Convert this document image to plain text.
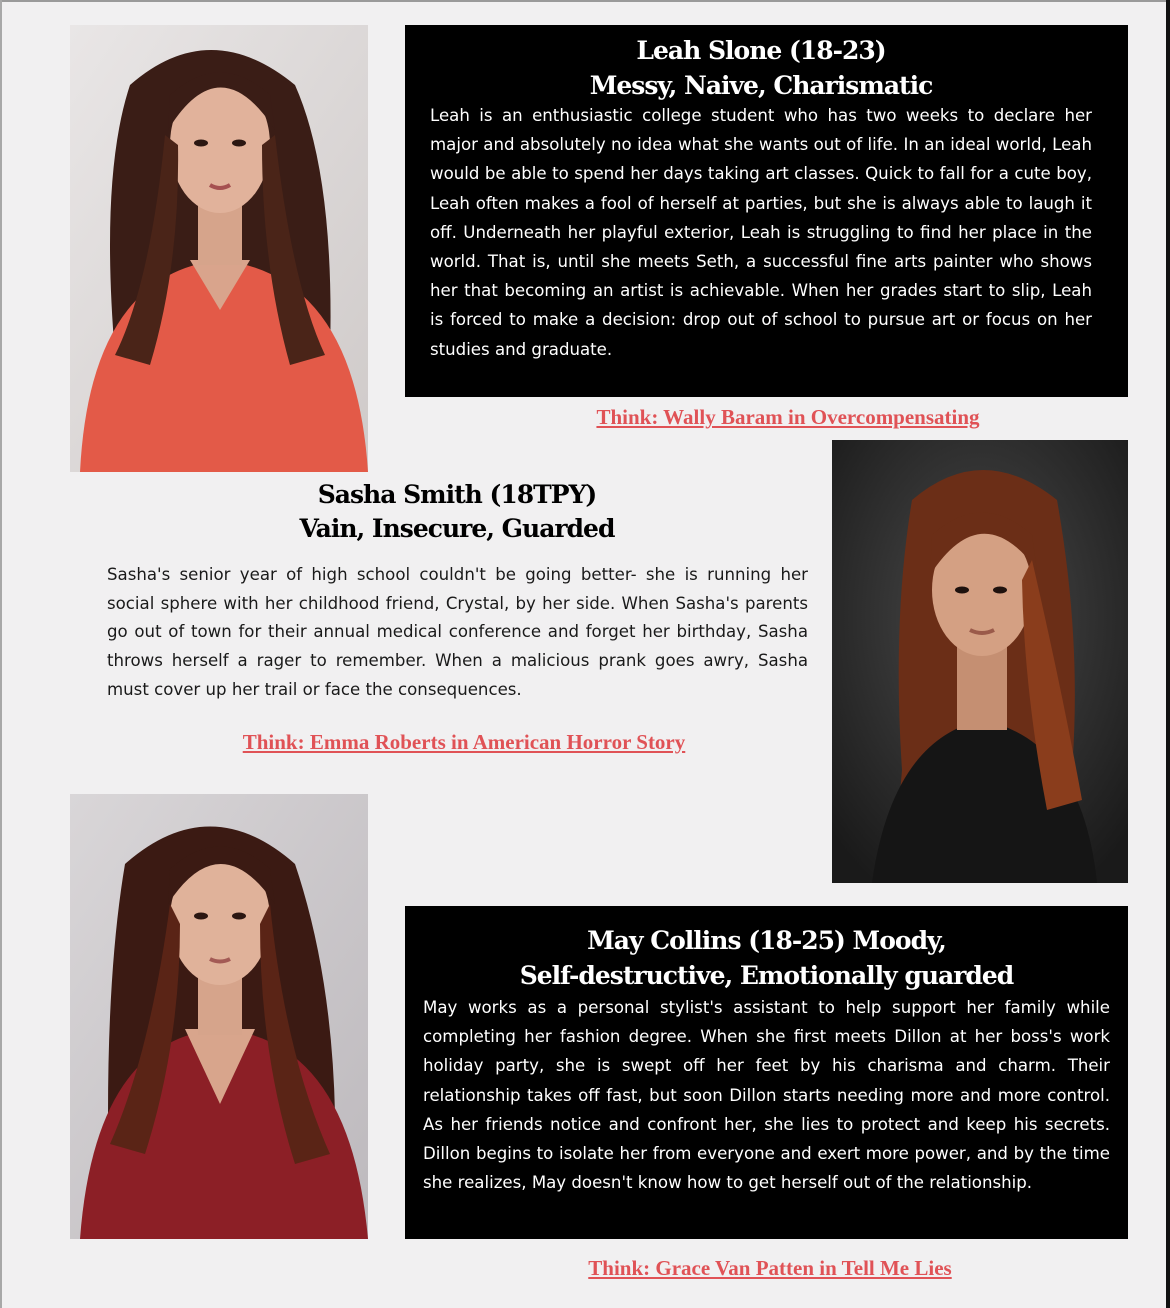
Leah Slone (18-23)
Messy, Naive, Charismatic
Leah is an enthusiastic college student who has two weeks to declare her major and absolutely no idea what she wants out of life. In an ideal world, Leah would be able to spend her days taking art classes. Quick to fall for a cute boy, Leah often makes a fool of herself at parties, but she is always able to laugh it off. Underneath her playful exterior, Leah is struggling to find her place in the world. That is, until she meets Seth, a successful fine arts painter who shows her that becoming an artist is achievable. When her grades start to slip, Leah is forced to make a decision: drop out of school to pursue art or focus on her studies and graduate.
Think: Wally Baram in Overcompensating
Sasha Smith (18TPY)
Vain, Insecure, Guarded
Sasha's senior year of high school couldn't be going better- she is running her social sphere with her childhood friend, Crystal, by her side. When Sasha's parents go out of town for their annual medical conference and forget her birthday, Sasha throws herself a rager to remember. When a malicious prank goes awry, Sasha must cover up her trail or face the consequences.
Think: Emma Roberts in American Horror Story
May Collins (18-25) Moody,
Self-destructive, Emotionally guarded
May works as a personal stylist's assistant to help support her family while completing her fashion degree. When she first meets Dillon at her boss's work holiday party, she is swept off her feet by his charisma and charm. Their relationship takes off fast, but soon Dillon starts needing more and more control. As her friends notice and confront her, she lies to protect and keep his secrets. Dillon begins to isolate her from everyone and exert more power, and by the time she realizes, May doesn't know how to get herself out of the relationship.
Think: Grace Van Patten in Tell Me Lies
